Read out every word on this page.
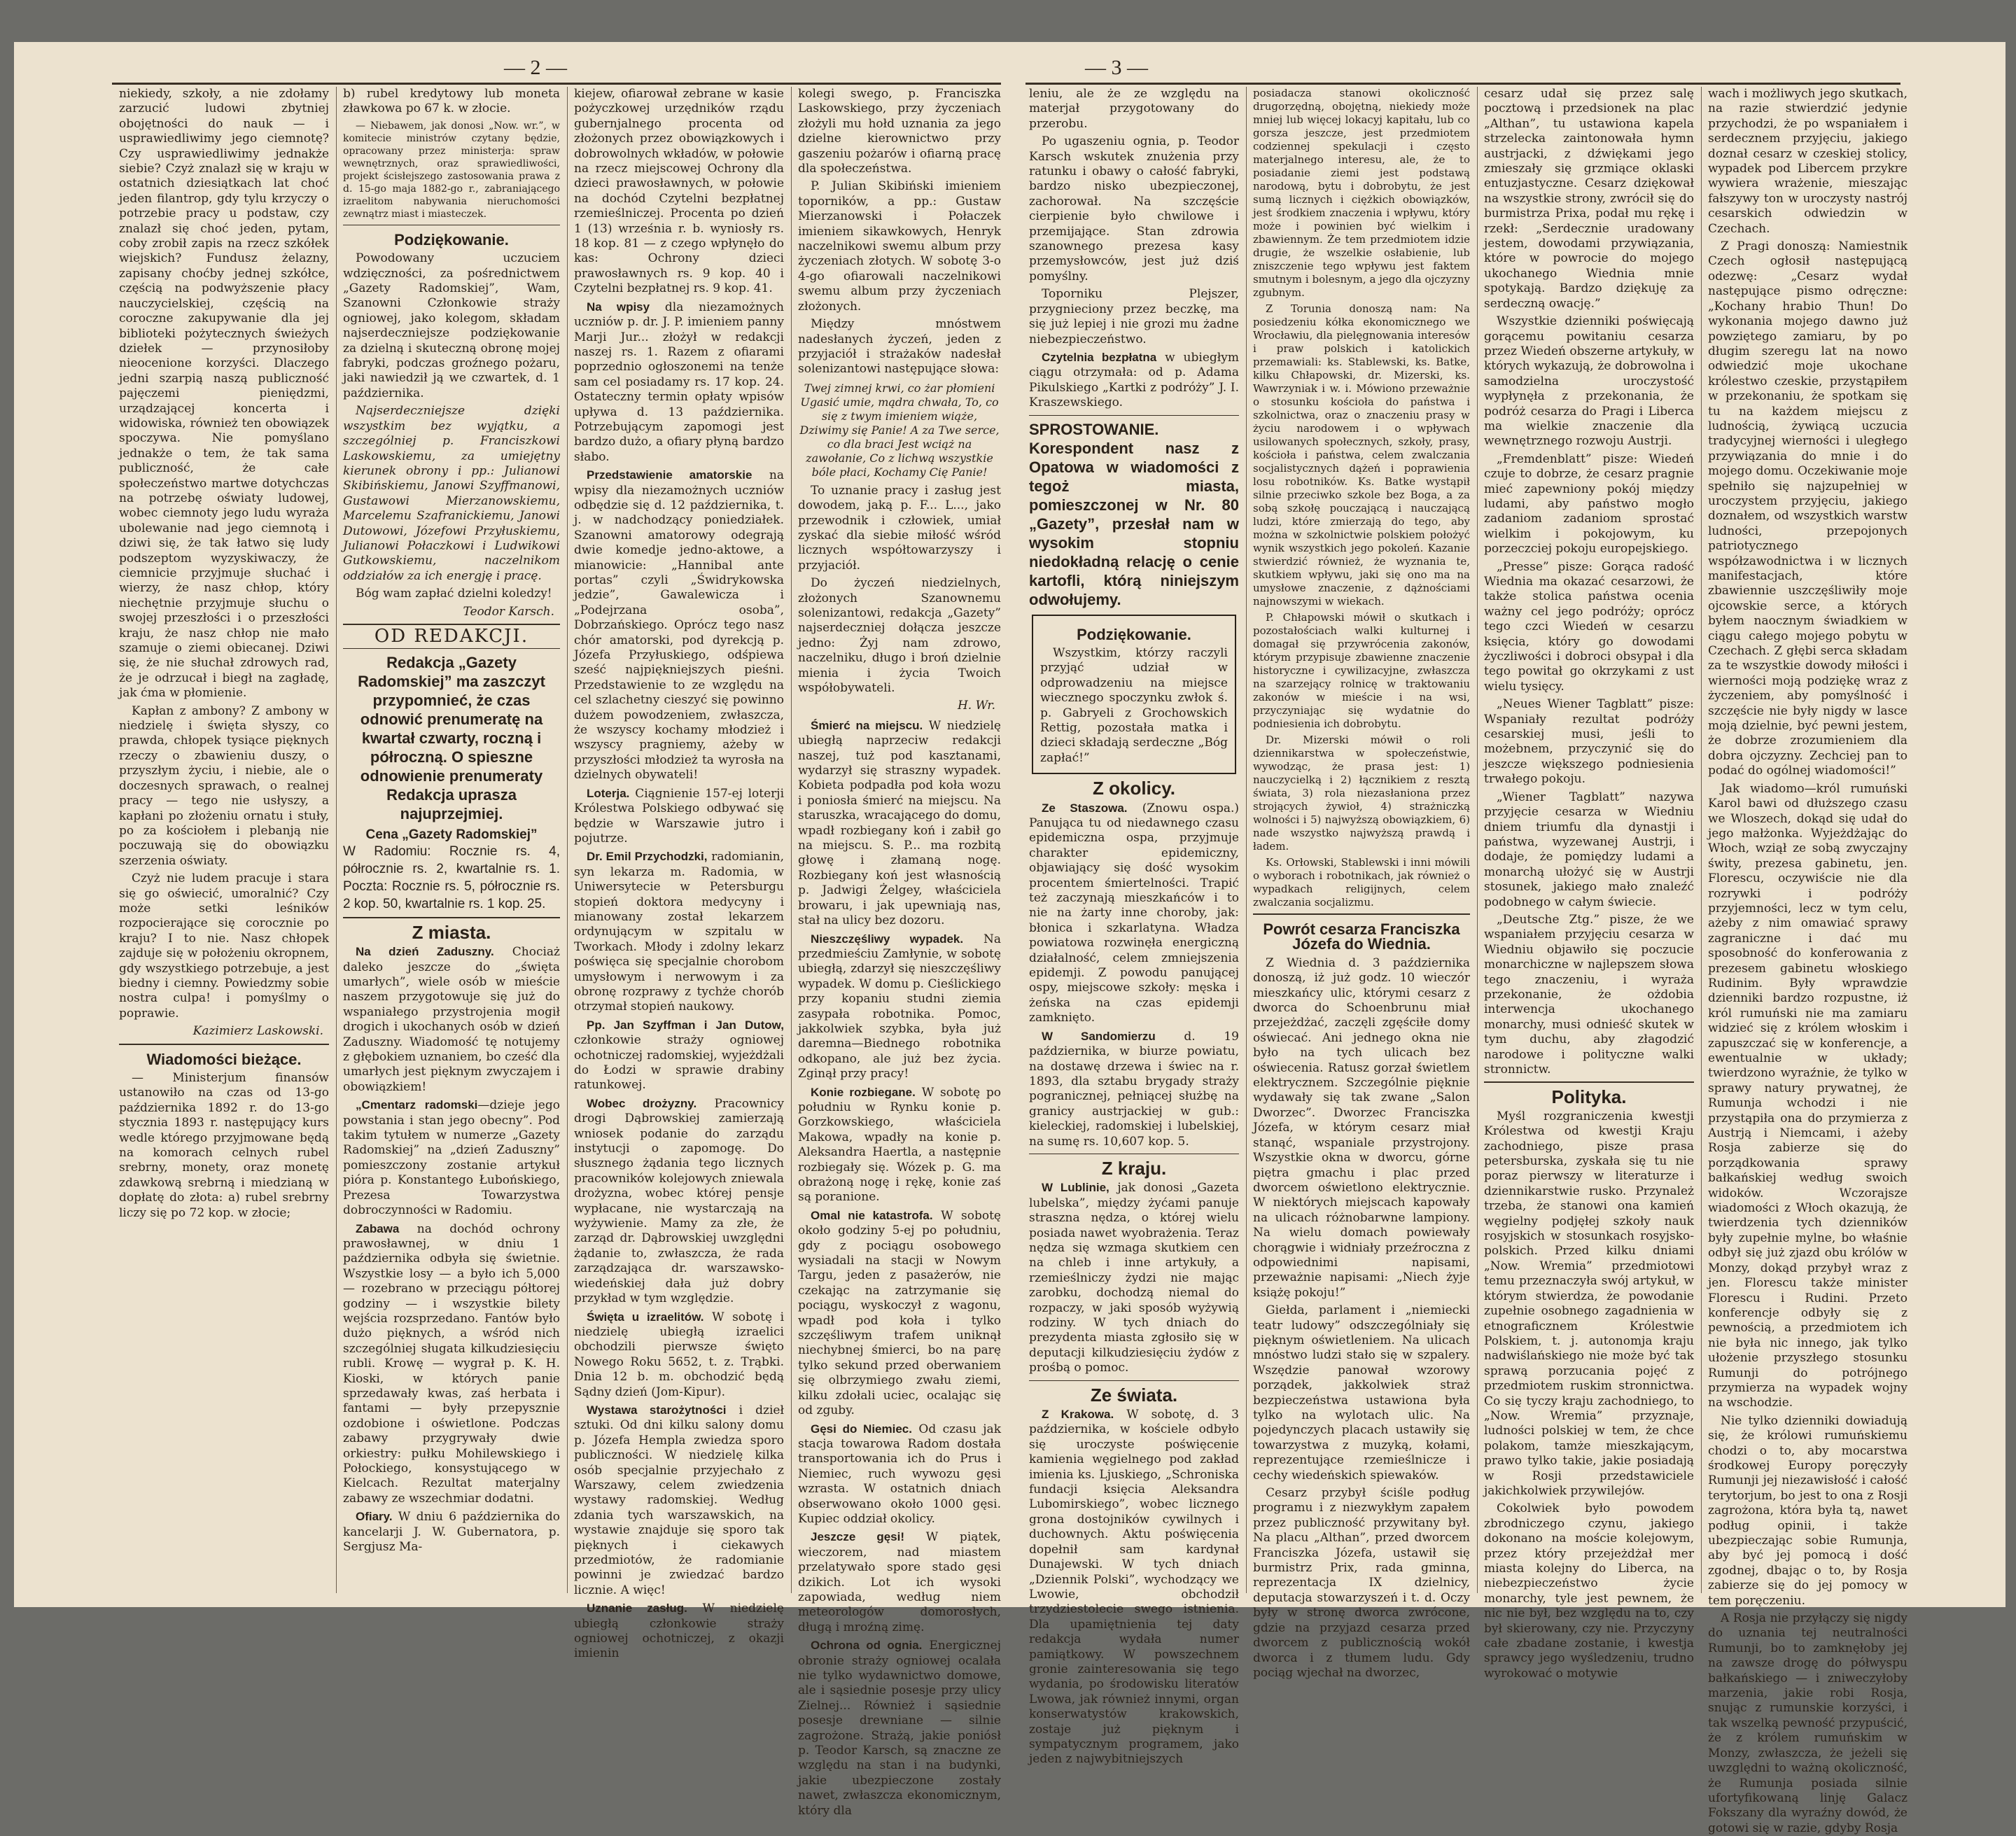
— 2 —

niekiedy, szkoły, a nie zdołamy zarzucić ludowi zbytniej obojętności do nauk — i usprawiedliwimy jego ciemnotę? Czy usprawiedliwimy jednakże siebie? Czyż znalazł się w kraju w ostatnich dziesiątkach lat choć jeden filantrop, gdy tylu krzyczy o potrzebie pracy u podstaw, czy znalazł się choć jeden, pytam, coby zrobił zapis na rzecz szkółek wiejskich? Fundusz żelazny, zapisany choćby jednej szkółce, częścią na podwyższenie płacy nauczycielskiej, częścią na coroczne zakupywanie dla jej biblioteki pożytecznych świeżych dziełek — przynosiłoby nieocenione korzyści. Dlaczego jedni szarpią naszą publiczność pajęczemi pieniędzmi, urządzającej koncerta i widowiska, również ten obowiązek spoczywa. Nie pomyślano jednakże o tem, że tak sama publiczność, że całe społeczeństwo martwe dotychczas na potrzebę oświaty ludowej, wobec ciemnoty jego ludu wyraża ubolewanie nad jego ciemnotą i dziwi się, że tak łatwo się ludy podszeptom wyzyskiwaczy, że ciemnicie przyjmuje słuchać i wierzy, że nasz chłop, który niechętnie przyjmuje słuchu o swojej przeszłości i o przeszłości kraju, że nasz chłop nie mało szamuje o ziemi obiecanej. Dziwi się, że nie słuchał zdrowych rad, że je odrzucał i biegł na zagładę, jak ćma w płomienie.

Kapłan z ambony? Z ambony w niedzielę i święta słyszy, co prawda, chłopek tysiące pięknych rzeczy o zbawieniu duszy, o przyszłym życiu, i niebie, ale o doczesnych sprawach, o realnej pracy — tego nie usłyszy, a kapłani po złożeniu ornatu i stuły, po za kościołem i plebanją nie poczuwają się do obowiązku szerzenia oświaty.

Czyż nie ludem pracuje i stara się go oświecić, umoralnić? Czy może setki leśników rozpocierające się corocznie po kraju? I to nie. Nasz chłopek zajduje się w położeniu okropnem, gdy wszystkiego potrzebuje, a jest biedny i ciemny. Powiedzmy sobie nostra culpa! i pomyślmy o poprawie.

Kazimierz Laskowski.
Wiadomości bieżące.

— Ministerjum finansów ustanowiło na czas od 13-go października 1892 r. do 13-go stycznia 1893 r. następujący kurs wedle którego przyjmowane będą na komorach celnych rubel srebrny, monety, oraz monetę zdawkową srebrną i miedzianą w dopłatę do złota: a) rubel srebrny liczy się po 72 kop. w złocie;

b) rubel kredytowy lub moneta zławkowa po 67 k. w złocie.

— Niebawem, jak donosi „Now. wr.”, w komitecie ministrów czytany będzie, opracowany przez ministerja: spraw wewnętrznych, oraz sprawiedliwości, projekt ścisłejszego zastosowania prawa z d. 15-go maja 1882-go r., zabraniającego izraelitom nabywania nieruchomości zewnątrz miast i miasteczek.

Podziękowanie.

Powodowany uczuciem wdzięczności, za pośrednictwem „Gazety Radomskiej”, Wam, Szanowni Członkowie straży ogniowej, jako kolegom, składam najserdeczniejsze podziękowanie za dzielną i skuteczną obronę mojej fabryki, podczas groźnego pożaru, jaki nawiedził ją we czwartek, d. 1 października.

Najserdeczniejsze dzięki wszystkim bez wyjątku, a szczególniej p. Franciszkowi Laskowskiemu, za umiejętny kierunek obrony i pp.: Julianowi Skibińskiemu, Janowi Szyffmanowi, Gustawowi Mierzanowskiemu, Marcelemu Szafranickiemu, Janowi Dutowowi, Józefowi Przyłuskiemu, Julianowi Połaczkowi i Ludwikowi Gutkowskiemu, naczelnikom oddziałów za ich energję i pracę.

Bóg wam zapłać dzielni koledzy!

Teodor Karsch.
OD REDAKCJI.
Redakcja „Gazety Radomskiej” ma zaszczyt przypomnieć, że czas odnowić prenumeratę na kwartał czwarty, roczną i półroczną. O spieszne odnowienie prenumeraty Redakcja uprasza najuprzejmiej.
Cena „Gazety Radomskiej”
W Radomiu: Rocznie rs. 4, półrocznie rs. 2, kwartalnie rs. 1. Poczta: Rocznie rs. 5, półrocznie rs. 2 kop. 50, kwartalnie rs. 1 kop. 25.
Z miasta.

Na dzień Zaduszny. Chociaż daleko jeszcze do „święta umarłych”, wiele osób w mieście naszem przygotowuje się już do wspaniałego przystrojenia mogił drogich i ukochanych osób w dzień Zaduszny. Wiadomość tę notujemy z głębokiem uznaniem, bo cześć dla umarłych jest pięknym zwyczajem i obowiązkiem!

„Cmentarz radomski—dzieje jego powstania i stan jego obecny”. Pod takim tytułem w numerze „Gazety Radomskiej” na „dzień Zaduszny” pomieszczony zostanie artykuł pióra p. Konstantego Łubońskiego, Prezesa Towarzystwa dobroczynności w Radomiu.

Zabawa na dochód ochrony prawosławnej, w dniu 1 października odbyła się świetnie. Wszystkie losy — a było ich 5,000 — rozebrano w przeciągu półtorej godziny — i wszystkie bilety wejścia rozsprzedano. Fantów było dużo pięknych, a wśród nich szczególniej sługata kilkudziesięciu rubli. Krowę — wygrał p. K. H. Kioski, w których panie sprzedawały kwas, zaś herbata i fantami — były przepysznie ozdobione i oświetlone. Podczas zabawy przygrywały dwie orkiestry: pułku Mohilewskiego i Połockiego, konsystującego w Kielcach. Rezultat materjalny zabawy ze wszechmiar dodatni.

Ofiary. W dniu 6 października do kancelarji J. W. Gubernatora, p. Sergjusz Ma-

kiejew, ofiarował zebrane w kasie pożyczkowej urzędników rządu gubernjalnego procenta od złożonych przez obowiązkowych i dobrowolnych wkładów, w połowie na rzecz miejscowej Ochrony dla dzieci prawosławnych, w połowie na dochód Czytelni bezpłatnej rzemieślniczej. Procenta po dzień 1 (13) września r. b. wyniosły rs. 18 kop. 81 — z czego wpłynęło do kas: Ochrony dzieci prawosławnych rs. 9 kop. 40 i Czytelni bezpłatnej rs. 9 kop. 41.

Na wpisy dla niezamożnych uczniów p. dr. J. P. imieniem panny Marji Jur... złożył w redakcji naszej rs. 1. Razem z ofiarami poprzednio ogłoszonemi na tenże sam cel posiadamy rs. 17 kop. 24. Ostateczny termin opłaty wpisów upływa d. 13 października. Potrzebującym zapomogi jest bardzo dużo, a ofiary płyną bardzo słabo.

Przedstawienie amatorskie na wpisy dla niezamożnych uczniów odbędzie się d. 12 października, t. j. w nadchodzący poniedziałek. Szanowni amatorowy odegrają dwie komedje jedno-aktowe, a mianowicie: „Hannibal ante portas” czyli „Świdrykowska jedzie”, Gawalewicza i „Podejrzana osoba”, Dobrzańskiego. Oprócz tego nasz chór amatorski, pod dyrekcją p. Józefa Przyłuskiego, odśpiewa sześć najpiękniejszych pieśni. Przedstawienie to ze względu na cel szlachetny cieszyć się powinno dużem powodzeniem, zwłaszcza, że wszyscy kochamy młodzież i wszyscy pragniemy, ażeby w przyszłości młodzież ta wyrosła na dzielnych obywateli!

Loterja. Ciągnienie 157-ej loterji Królestwa Polskiego odbywać się będzie w Warszawie jutro i pojutrze.

Dr. Emil Przychodzki, radomianin, syn lekarza m. Radomia, w Uniwersytecie w Petersburgu stopień doktora medycyny i mianowany został lekarzem ordynującym w szpitalu w Tworkach. Młody i zdolny lekarz poświęca się specjalnie chorobom umysłowym i nerwowym i za obronę rozprawy z tychże chorób otrzymał stopień naukowy.

Pp. Jan Szyffman i Jan Dutow, członkowie straży ogniowej ochotniczej radomskiej, wyjeżdżali do Łodzi w sprawie drabiny ratunkowej.

Wobec drożyzny. Pracownicy drogi Dąbrowskiej zamierzają wniosek podanie do zarządu instytucji o zapomogę. Do słusznego żądania tego licznych pracowników kolejowych zniewala drożyzna, wobec której pensje wypłacane, nie wystarczają na wyżywienie. Mamy za złe, że zarząd dr. Dąbrowskiej uwzględni żądanie to, zwłaszcza, że rada zarządzająca dr. warszawsko-wiedeńskiej dała już dobry przykład w tym względzie.

Święta u izraelitów. W sobotę i niedzielę ubiegłą izraelici obchodzili pierwsze święto Nowego Roku 5652, t. z. Trąbki. Dnia 12 b. m. obchodzić będą Sądny dzień (Jom-Kipur).

Wystawa starożytności i dzieł sztuki. Od dni kilku salony domu p. Józefa Hempla zwiedza sporo publiczności. W niedzielę kilka osób specjalnie przyjechało z Warszawy, celem zwiedzenia wystawy radomskiej. Według zdania tych warszawskich, na wystawie znajduje się sporo tak pięknych i ciekawych przedmiotów, że radomianie powinni je zwiedzać bardzo licznie. A więc!

Uznanie zasług. W niedzielę ubiegłą członkowie straży ogniowej ochotniczej, z okazji imienin

kolegi swego, p. Franciszka Laskowskiego, przy życzeniach złożyli mu hołd uznania za jego dzielne kierownictwo przy gaszeniu pożarów i ofiarną pracę dla społeczeństwa.

P. Julian Skibiński imieniem toporników, a pp.: Gustaw Mierzanowski i Połaczek imieniem sikawkowych, Henryk naczelnikowi swemu album przy życzeniach złotych. W sobotę 3-o 4-go ofiarowali naczelnikowi swemu album przy życzeniach złożonych.

Między mnóstwem nadesłanych życzeń, jeden z przyjaciół i strażaków nadesłał solenizantowi następujące słowa:

Twej zimnej krwi, co żar płomieni Ugasić umie, mądra chwała, To, co się z twym imieniem wiąże, Dziwimy się Panie! A za Twe serce, co dla braci Jest wciąż na zawołanie, Co z lichwą wszystkie bóle płaci, Kochamy Cię Panie!

To uznanie pracy i zasług jest dowodem, jaką p. F... L..., jako przewodnik i człowiek, umiał zyskać dla siebie miłość wśród licznych współtowarzyszy i przyjaciół.

Do życzeń niedzielnych, złożonych Szanownemu solenizantowi, redakcja „Gazety” najserdeczniej dołącza jeszcze jedno: Żyj nam zdrowo, naczelniku, długo i broń dzielnie mienia i życia Twoich współobywateli.

H. Wr.

Śmierć na miejscu. W niedzielę ubiegłą naprzeciw redakcji naszej, tuż pod kasztanami, wydarzył się straszny wypadek. Kobieta podpadła pod koła wozu i poniosła śmierć na miejscu. Na staruszka, wracającego do domu, wpadł rozbiegany koń i zabił go na miejscu. S. P... ma rozbitą głowę i złamaną nogę. Rozbiegany koń jest własnością p. Jadwigi Żelgey, właściciela browaru, i jak upewniają nas, stał na ulicy bez dozoru.

Nieszczęśliwy wypadek. Na przedmieściu Zamłynie, w sobotę ubiegłą, zdarzył się nieszczęśliwy wypadek. W domu p. Cieślickiego przy kopaniu studni ziemia zasypała robotnika. Pomoc, jakkolwiek szybka, była już daremna—Biednego robotnika odkopano, ale już bez życia. Zginął przy pracy!

Konie rozbiegane. W sobotę po południu w Rynku konie p. Gorzkowskiego, właściciela Makowa, wpadły na konie p. Aleksandra Haertla, a następnie rozbiegały się. Wózek p. G. ma obrażoną nogę i rękę, konie zaś są poranione.

Omal nie katastrofa. W sobotę około godziny 5-ej po południu, gdy z pociągu osobowego wysiadali na stacji w Nowym Targu, jeden z pasażerów, nie czekając na zatrzymanie się pociągu, wyskoczył z wagonu, wpadł pod koła i tylko szczęśliwym trafem uniknął niechybnej śmierci, bo na parę tylko sekund przed oberwaniem się olbrzymiego zwału ziemi, kilku zdołali uciec, ocalając się od zguby.

Gęsi do Niemiec. Od czasu jak stacja towarowa Radom dostała transportowania ich do Prus i Niemiec, ruch wywozu gęsi wzrasta. W ostatnich dniach obserwowano około 1000 gęsi. Kupiec oddział okolicy.

Jeszcze gęsi! W piątek, wieczorem, nad miastem przelatywało spore stado gęsi dzikich. Lot ich wysoki zapowiada, według niem meteorologów domorosłych, długą i mroźną zimę.

Ochrona od ognia. Energicznej obronie straży ogniowej ocalała nie tylko wydawnictwo domowe, ale i sąsiednie posesje przy ulicy Zielnej... Również i sąsiednie posesje drewniane — silnie zagrożone. Strażą, jakie poniósł p. Teodor Karsch, są znaczne ze względu na stan i na budynki, jakie ubezpieczone zostały nawet, zwłaszcza ekonomicznym, który dla

— 3 —

leniu, ale że ze względu na materjał przygotowany do przerobu.

Po ugaszeniu ognia, p. Teodor Karsch wskutek znużenia przy ratunku i obawy o całość fabryki, bardzo nisko ubezpieczonej, zachorował. Na szczęście cierpienie było chwilowe i przemijające. Stan zdrowia szanownego prezesa kasy przemysłowców, jest już dziś pomyślny.

Toporniku Plejszer, przygnieciony przez beczkę, ma się już lepiej i nie grozi mu żadne niebezpieczeństwo.

Czytelnia bezpłatna w ubiegłym ciągu otrzymała: od p. Adama Pikulskiego „Kartki z podróży” J. I. Kraszewskiego.

SPROSTOWANIE. Korespondent nasz z Opatowa w wiadomości z tegoż miasta, pomieszczonej w Nr. 80 „Gazety”, przesłał nam w wysokim stopniu niedokładną relację o cenie kartofli, którą niniejszym odwołujemy.
Podziękowanie.

Wszystkim, którzy raczyli przyjąć udział w odprowadzeniu na miejsce wiecznego spoczynku zwłok ś. p. Gabryeli z Grochowskich Rettig, pozostała matka i dzieci składają serdeczne „Bóg zapłać!”

Z okolicy.

Ze Staszowa. (Znowu ospa.) Panująca tu od niedawnego czasu epidemiczna ospa, przyjmuje charakter epidemiczny, objawiający się dość wysokim procentem śmiertelności. Trapić też zaczynają mieszkańców i to nie na żarty inne choroby, jak: błonica i szkarlatyna. Władza powiatowa rozwinęła energiczną działalność, celem zmniejszenia epidemji. Z powodu panującej ospy, miejscowe szkoły: męska i żeńska na czas epidemji zamknięto.

W Sandomierzu d. 19 października, w biurze powiatu, na dostawę drzewa i świec na r. 1893, dla sztabu brygady straży pogranicznej, pełniącej służbę na granicy austrjackiej w gub.: kieleckiej, radomskiej i lubelskiej, na sumę rs. 10,607 kop. 5.

Z kraju.

W Lublinie, jak donosi „Gazeta lubelska”, między żyćami panuje straszna nędza, o której wielu posiada nawet wyobrażenia. Teraz nędza się wzmaga skutkiem cen na chleb i inne artykuły, a rzemieślniczy żydzi nie mając zarobku, dochodzą niemal do rozpaczy, w jaki sposób wyżywią rodziny. W tych dniach do prezydenta miasta zgłosiło się w deputacji kilkudziesięciu żydów z prośbą o pomoc.

Ze świata.

Z Krakowa. W sobotę, d. 3 października, w kościele odbyło się uroczyste poświęcenie kamienia węgielnego pod zakład imienia ks. Ljuskiego, „Schroniska fundacji księcia Aleksandra Lubomirskiego”, wobec licznego grona dostojników cywilnych i duchownych. Aktu poświęcenia dopełnił sam kardynał Dunajewski. W tych dniach „Dziennik Polski”, wychodzący we Lwowie, obchodził trzydziestolecie swego istnienia. Dla upamiętnienia tej daty redakcja wydała numer pamiątkowy. W powszechnem gronie zainteresowania się tego wydania, po środowisku literatów Lwowa, jak również innymi, organ konserwatystów krakowskich, zostaje już pięknym i sympatycznym programem, jako jeden z najwybitniejszych

posiadacza stanowi okoliczność drugorzędną, obojętną, niekiedy może mniej lub więcej lokacyj kapitału, lub co gorsza jeszcze, jest przedmiotem codziennej spekulacji i często materjalnego interesu, ale, że to posiadanie ziemi jest podstawą narodową, bytu i dobrobytu, że jest sumą licznych i ciężkich obowiązków, jest środkiem znaczenia i wpływu, który może i powinien być wielkim i zbawiennym. Że tem przedmiotem idzie drugie, że wszelkie osłabienie, lub zniszczenie tego wpływu jest faktem smutnym i bolesnym, a jego dla ojczyzny zgubnym.

Z Torunia donoszą nam: Na posiedzeniu kółka ekonomicznego we Wrocławiu, dla pielęgnowania interesów i praw polskich i katolickich przemawiali: ks. Stablewski, ks. Batke, kilku Chłapowski, dr. Mizerski, ks. Wawrzyniak i w. i. Mówiono przeważnie o stosunku kościoła do państwa i szkolnictwa, oraz o znaczeniu prasy w życiu narodowem i o wpływach usilowanych społecznych, szkoły, prasy, kościoła i państwa, celem zwalczania socjalistycznych dążeń i poprawienia losu robotników. Ks. Batke wystąpił silnie przeciwko szkole bez Boga, a za sobą szkołę pouczającą i nauczającą ludzi, które zmierzają do tego, aby można w szkolnictwie polskiem położyć wynik wszystkich jego pokoleń. Kazanie stwierdzić również, że wyznania te, skutkiem wpływu, jaki się ono ma na umysłowe znaczenie, z dążnościami najnowszymi w wiekach.

P. Chłapowski mówił o skutkach i pozostałościach walki kulturnej i domagał się przywrócenia zakonów, którym przypisuje zbawienne znaczenie historyczne i cywilizacyjne, zwłaszcza na szarzejący rolnicę w traktowaniu zakonów w mieście i na wsi, przyczyniając się wydatnie do podniesienia ich dobrobytu.

Dr. Mizerski mówił o roli dziennikarstwa w społeczeństwie, wywodząc, że prasa jest: 1) nauczycielką i 2) łącznikiem z resztą świata, 3) rola niezasłaniona przez strojących żywioł, 4) strażniczką wolności i 5) najwyższą obowiązkiem, 6) nade wszystko najwyższą prawdą i ładem.

Ks. Orłowski, Stablewski i inni mówili o wyborach i robotnikach, jak również o wypadkach religijnych, celem zwalczania socjalizmu.

Powrót cesarza Franciszka Józefa do Wiednia.

Z Wiednia d. 3 października donoszą, iż już godz. 10 wieczór mieszkańcy ulic, którymi cesarz z dworca do Schoenbrunu miał przejeżdżać, zaczęli zgęściłe domy oświecać. Ani jednego okna nie było na tych ulicach bez oświecenia. Ratusz gorzał świetlem elektrycznem. Szczególnie pięknie wydawały się tak zwane „Salon Dworzec”. Dworzec Franciszka Józefa, w którym cesarz miał stanąć, wspaniale przystrojony. Wszystkie okna w dworcu, górne piętra gmachu i plac przed dworcem oświetlono elektrycznie. W niektórych miejscach kapowały na ulicach różnobarwne lampiony. Na wielu domach powiewały chorągwie i widniały przeźroczna z odpowiednimi napisami, przeważnie napisami: „Niech żyje książę pokoju!”

Giełda, parlament i „niemiecki teatr ludowy” odszczególniały się pięknym oświetleniem. Na ulicach mnóstwo ludzi stało się w szpalery. Wszędzie panował wzorowy porządek, jakkolwiek straż bezpieczeństwa ustawiona była tylko na wylotach ulic. Na pojedynczych placach ustawiły się towarzystwa z muzyką, kołami, reprezentujące rzemieślnicze i cechy wiedeńskich spiewaków.

Cesarz przybył ściśle podług programu i z niezwykłym zapałem przez publiczność przywitany był. Na placu „Althan”, przed dworcem Franciszka Józefa, ustawił się burmistrz Prix, rada gminna, reprezentacja IX dzielnicy, deputacja stowarzyszeń i t. d. Oczy były w stronę dworca zwrócone, gdzie na przyjazd cesarza przed dworcem z publicznością wokół dworca i z tłumem ludu. Gdy pociąg wjechał na dworzec,

cesarz udał się przez salę pocztową i przedsionek na plac „Althan”, tu ustawiona kapela strzelecka zaintonowała hymn austrjacki, z dźwiękami jego zmieszały się grzmiące oklaski entuzjastyczne. Cesarz dziękował na wszystkie strony, zwrócił się do burmistrza Prixa, podał mu rękę i rzekł: „Serdecznie uradowany jestem, dowodami przywiązania, które w powrocie do mojego ukochanego Wiednia mnie spotykają. Bardzo dziękuję za serdeczną owację.”

Wszystkie dzienniki poświęcają gorącemu powitaniu cesarza przez Wiedeń obszerne artykuły, w których wykazują, że dobrowolna i samodzielna uroczystość wypłynęła z przekonania, że podróż cesarza do Pragi i Liberca ma wielkie znaczenie dla wewnętrznego rozwoju Austrji.

„Fremdenblatt” pisze: Wiedeń czuje to dobrze, że cesarz pragnie mieć zapewniony pokój między ludami, aby państwo mogło zadaniom zadaniom sprostać wielkim i pokojowym, ku porzeczciej pokoju europejskiego.

„Presse” pisze: Gorąca radość Wiednia ma okazać cesarzowi, że także stolica państwa ocenia ważny cel jego podróży; oprócz tego czci Wiedeń w cesarzu księcia, który go dowodami życzliwości i dobroci obsypał i dla tego powitał go okrzykami z ust wielu tysięcy.

„Neues Wiener Tagblatt” pisze: Wspaniały rezultat podróży cesarskiej musi, jeśli to możebnem, przyczynić się do jeszcze większego podniesienia trwałego pokoju.

„Wiener Tagblatt” nazywa przyjęcie cesarza w Wiedniu dniem triumfu dla dynastji i państwa, wyzewanej Austrji, i dodaje, że pomiędzy ludami a monarchą ułożyć się w Austrji stosunek, jakiego mało znaleźć podobnego w całym świecie.

„Deutsche Ztg.” pisze, że we wspaniałem przyjęciu cesarza w Wiedniu objawiło się poczucie monarchiczne w najlepszem słowa tego znaczeniu, i wyraża przekonanie, że ożdobia interwencja ukochanego monarchy, musi odnieść skutek w tym duchu, aby złagodzić narodowe i polityczne walki stronnictw.

Polityka.

Myśl rozgraniczenia kwestji Królestwa od kwestji Kraju zachodniego, pisze prasa petersburska, zyskała się tu nie poraz pierwszy w literaturze i dziennikarstwie rusko. Przynależ trzeba, że stanowi ona kamień węgielny podjęłej szkoły nauk rosyjskich w stosunkach rosyjsko-polskich. Przed kilku dniami „Now. Wremia” przedmiotowi temu przeznaczyła swój artykuł, w którym stwierdza, że powodanie zupełnie osobnego zagadnienia w etnograficznem Królestwie Polskiem, t. j. autonomja kraju nadwiślańskiego nie może być tak sprawą porzucania pojęć z przedmiotem ruskim stronnictwa. Co się tyczy kraju zachodniego, to „Now. Wremia” przyznaje, ludności polskiej w tem, że chce polakom, tamże mieszkającym, prawo tylko takie, jakie posiadają w Rosji przedstawiciele jakichkolwiek przywilejów.

Cokolwiek było powodem zbrodniczego czynu, jakiego dokonano na moście kolejowym, przez który przejeżdżał mer miasta kolejny do Liberca, na niebezpieczeństwo życie monarchy, tyle jest pewnem, że nic nie był, bez względu na to, czy był skierowany, czy nie. Przyczyny całe zbadane zostanie, i kwestja sprawcy jego wyśledzeniu, trudno wyrokować o motywie

wach i możliwych jego skutkach, na razie stwierdzić jedynie przychodzi, że po wspaniałem i serdecznem przyjęciu, jakiego doznał cesarz w czeskiej stolicy, wypadek pod Libercem przykre wywiera wrażenie, mieszając fałszywy ton w uroczysty nastrój cesarskich odwiedzin w Czechach.

Z Pragi donoszą: Namiestnik Czech ogłosił następującą odezwę: „Cesarz wydał następujące pismo odręczne: „Kochany hrabio Thun! Do wykonania mojego dawno już powziętego zamiaru, by po długim szeregu lat na nowo odwiedzić moje ukochane królestwo czeskie, przystąpiłem w przekonaniu, że spotkam się tu na każdem miejscu z ludnością, żywiącą uczucia tradycyjnej wierności i uległego przywiązania do mnie i do mojego domu. Oczekiwanie moje spełniło się najzupełniej w uroczystem przyjęciu, jakiego doznałem, od wszystkich warstw ludności, przepojonych patriotycznego współzawodnictwa i w licznych manifestacjach, które zbawiennie uszczęśliwiły moje ojcowskie serce, a których byłem naocznym świadkiem w ciągu całego mojego pobytu w Czechach. Z głębi serca składam za te wszystkie dowody miłości i wierności moją podziękę wraz z życzeniem, aby pomyślność i szczęście nie były nigdy w lasce moją dzielnie, być pewni jestem, że dobrze zrozumieniem dla dobra ojczyzny. Zechciej pan to podać do ogólnej wiadomości!”

Jak wiadomo—król rumuński Karol bawi od dłuższego czasu we Wloszech, dokąd się udał do jego małżonka. Wyjeżdżając do Włoch, wziął ze sobą zwyczajny świty, prezesa gabinetu, jen. Florescu, oczywiście nie dla rozrywki i podróży przyjemności, lecz w tym celu, ażeby z nim omawiać sprawy zagraniczne i dać mu sposobność do konferowania z prezesem gabinetu włoskiego Rudinim. Były wprawdzie dzienniki bardzo rozpustne, iż król rumuński nie ma zamiaru widzieć się z królem włoskim i zapuszczać się w konferencje, a ewentualnie w układy; twierdzono wyraźnie, że tylko w sprawy natury prywatnej, że Rumunja wchodzi i nie przystąpiła ona do przymierza z Austrją i Niemcami, i ażeby Rosja zabierze się do porządkowania sprawy bałkańskiej według swoich widoków. Wczorajsze wiadomości z Włoch okazują, że twierdzenia tych dzienników były zupełnie mylne, bo właśnie odbył się już zjazd obu królów w Monzy, dokąd przybył wraz z jen. Florescu także minister Florescu i Rudini. Przeto konferencje odbyły się z pewnością, a przedmiotem ich nie była nic innego, jak tylko ułożenie przyszłego stosunku Rumunji do potrójnego przymierza na wypadek wojny na wschodzie.

Nie tylko dzienniki dowiadują się, że królowi rumuńskiemu chodzi o to, aby mocarstwa środkowej Europy poręczyły Rumunji jej niezawisłość i całość terytorjum, bo jest to ona z Rosji zagrożona, która była tą, nawet podług opinii, i także ubezpieczając sobie Rumunja, aby być jej pomocą i dość zgodnej, dbając o to, by Rosja zabierze się do jej pomocy w tem poręczeniu.

A Rosja nie przyłączy się nigdy do uznania tej neutralności Rumunji, bo to zamknęłoby jej na zawsze drogę do półwyspu bałkańskiego — i zniweczyłoby marzenia, jakie robi Rosja, snując z rumunskie korzyści, i tak wszelką pewność przypuścić, że z królem rumuńskim w Monzy, zwłaszcza, że jeżeli się uwzględni to ważną okoliczność, że Rumunja posiada silnie ufortyfikowaną linję Galacz Fokszany dla wyraźny dowód, że gotowi się w razie, gdyby Rosja
